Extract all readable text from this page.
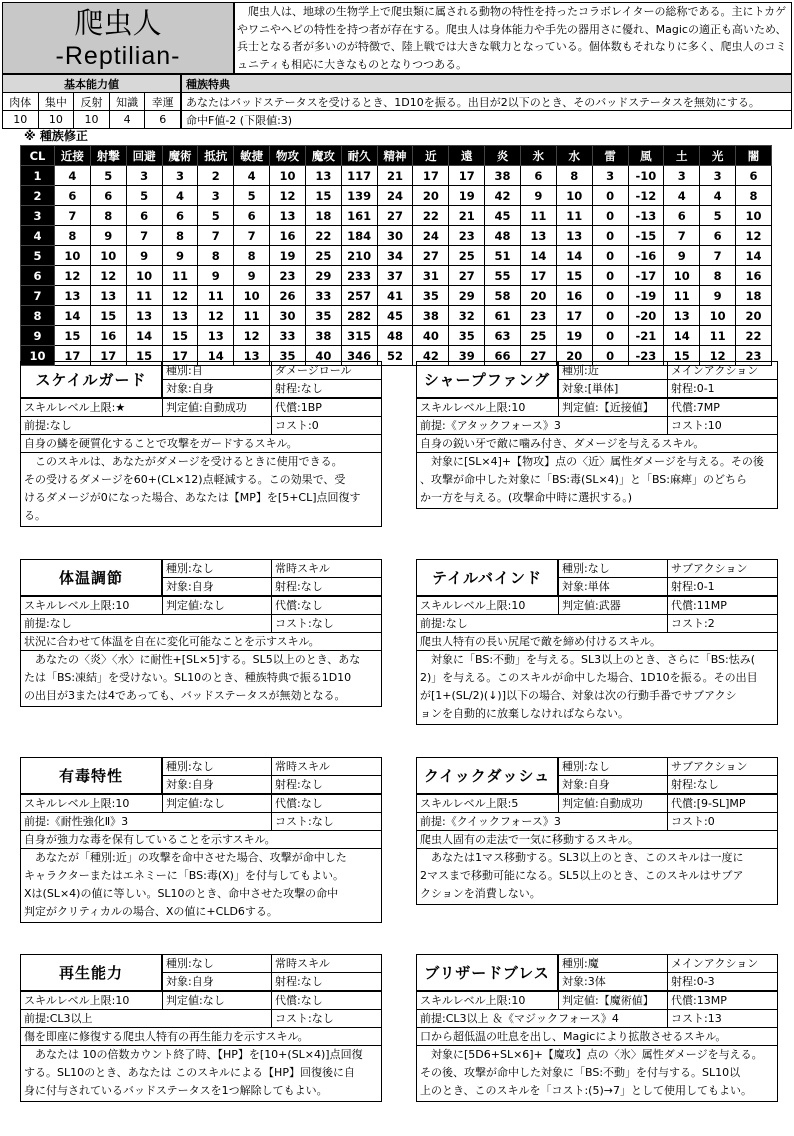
爬虫人
-Reptilian-
　爬虫人は、地球の生物学上で爬虫類に属される動物の特性を持ったコラボレイターの総称である。主にトカゲやワニやヘビの特性を持つ者が存在する。爬虫人は身体能力や手先の器用さに優れ、Magicの適正も高いため、兵士となる者が多いのが特徴で、陸上戦では大きな戦力となっている。個体数もそれなりに多く、爬虫人のコミュニティも相応に大きなものとなりつつある。
基本能力値				
肉体	集中	反射	知識	幸運
10	10	10	4	6
種族特典
あなたはバッドステータスを受けるとき、1D10を振る。出目が2以下のとき、そのバッドステータスを無効にする。
命中F値-2 (下限値:3)
※ 種族修正
CL	近接	射撃	回避	魔術	抵抗	敏捷	物攻	魔攻	耐久	精神	近	遠	炎	氷	水	雷	風	土	光	闇
1	4	5	3	3	2	4	10	13	117	21	17	17	38	6	8	3	-10	3	3	6
2	6	6	5	4	3	5	12	15	139	24	20	19	42	9	10	0	-12	4	4	8
3	7	8	6	6	5	6	13	18	161	27	22	21	45	11	11	0	-13	6	5	10
4	8	9	7	8	7	7	16	22	184	30	24	23	48	13	13	0	-15	7	6	12
5	10	10	9	9	8	8	19	25	210	34	27	25	51	14	14	0	-16	9	7	14
6	12	12	10	11	9	9	23	29	233	37	31	27	55	17	15	0	-17	10	8	16
7	13	13	11	12	11	10	26	33	257	41	35	29	58	20	16	0	-19	11	9	18
8	14	15	13	13	12	11	30	35	282	45	38	32	61	23	17	0	-20	13	10	20
9	15	16	14	15	13	12	33	38	315	48	40	35	63	25	19	0	-21	14	11	22
10	17	17	15	17	14	13	35	40	346	52	42	39	66	27	20	0	-23	15	12	23
スケイルガード
種別:自	ダメージロール
対象:自身	射程:なし
スキルレベル上限:★	判定値:自動成功	代償:1BP
前提:なし	コスト:0
自身の鱗を硬質化することで攻撃をガードするスキル。
　このスキルは、あなたがダメージを受けるときに使用できる。
その受けるダメージを60+(CL×12)点軽減する。この効果で、受
けるダメージが0になった場合、あなたは【MP】を[5+CL]点回復す
る。
シャープファング
種別:近	メインアクション
対象:[単体]	射程:0-1
スキルレベル上限:10	判定値:【近接値】	代償:7MP
前提:《アタックフォース》3	コスト:10
自身の鋭い牙で敵に噛み付き、ダメージを与えるスキル。
　対象に[SL×4]+【物攻】点の〈近〉属性ダメージを与える。その後
、攻撃が命中した対象に「BS:毒(SL×4)」と「BS:麻痺」のどちら
か一方を与える。(攻撃命中時に選択する。)
体温調節
種別:なし	常時スキル
対象:自身	射程:なし
スキルレベル上限:10	判定値:なし	代償:なし
前提:なし	コスト:なし
状況に合わせて体温を自在に変化可能なことを示すスキル。
　あなたの〈炎〉〈水〉に耐性+[SL×5]する。SL5以上のとき、あな
たは「BS:凍結」を受けない。SL10のとき、種族特典で振る1D10
の出目が3または4であっても、バッドステータスが無効となる。
テイルバインド
種別:なし	サブアクション
対象:単体	射程:0-1
スキルレベル上限:10	判定値:武器	代償:11MP
前提:なし	コスト:2
爬虫人特有の長い尻尾で敵を締め付けるスキル。
　対象に「BS:不動」を与える。SL3以上のとき、さらに「BS:怯み(
2)」を与える。このスキルが命中した場合、1D10を振る。その出目
が[1+(SL/2)(↓)]以下の場合、対象は次の行動手番でサブアクシ
ョンを自動的に放棄しなければならない。
有毒特性
種別:なし	常時スキル
対象:自身	射程:なし
スキルレベル上限:10	判定値:なし	代償:なし
前提:《耐性強化Ⅱ》3	コスト:なし
自身が強力な毒を保有していることを示すスキル。
　あなたが「種別:近」の攻撃を命中させた場合、攻撃が命中した
キャラクターまたはエネミーに「BS:毒(X)」を付与してもよい。
Xは(SL×4)の値に等しい。SL10のとき、命中させた攻撃の命中
判定がクリティカルの場合、Xの値に+CLD6する。
クイックダッシュ
種別:なし	サブアクション
対象:自身	射程:なし
スキルレベル上限:5	判定値:自動成功	代償:[9-SL]MP
前提:《クイックフォース》3	コスト:0
爬虫人固有の走法で一気に移動するスキル。
　あなたは1マス移動する。SL3以上のとき、このスキルは一度に
2マスまで移動可能になる。SL5以上のとき、このスキルはサブア
クションを消費しない。
再生能力
種別:なし	常時スキル
対象:自身	射程:なし
スキルレベル上限:10	判定値:なし	代償:なし
前提:CL3以上	コスト:なし
傷を即座に修復する爬虫人特有の再生能力を示すスキル。
　あなたは 10の倍数カウント終了時、【HP】を[10+(SL×4)]点回復
する。SL10のとき、あなたは このスキルによる【HP】回復後に自
身に付与されているバッドステータスを1つ解除してもよい。
ブリザードブレス
種別:魔	メインアクション
対象:3体	射程:0-3
スキルレベル上限:10	判定値:【魔術値】	代償:13MP
前提:CL3以上 ＆《マジックフォース》4	コスト:13
口から超低温の吐息を出し、Magicにより拡散させるスキル。
　対象に[5D6+SL×6]+【魔攻】点の〈氷〉属性ダメージを与える。
その後、攻撃が命中した対象に「BS:不動」を付与する。SL10以
上のとき、このスキルを「コスト:(5)→7」として使用してもよい。
